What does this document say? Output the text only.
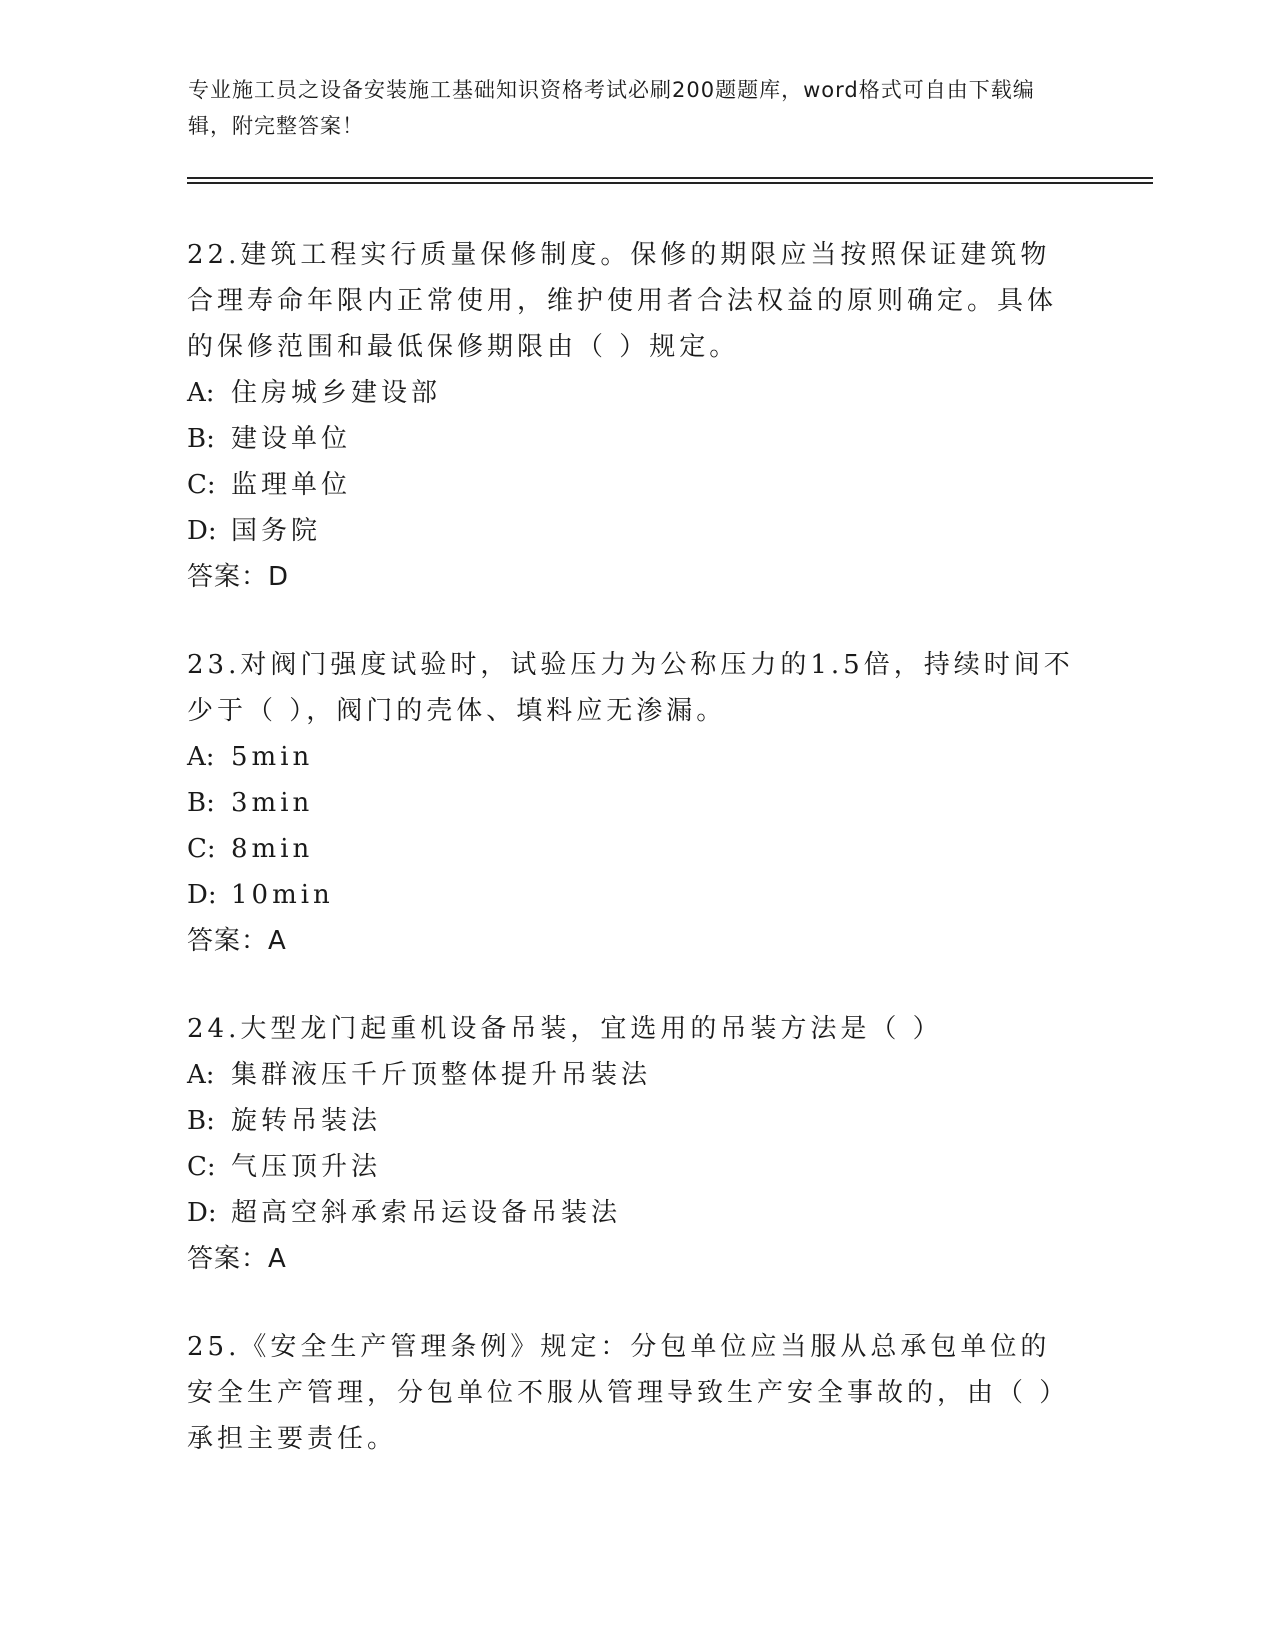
专业施工员之设备安装施工基础知识资格考试必刷200题题库，word格式可自由下载编辑，附完整答案！

22.建筑工程实行质量保修制度。保修的期限应当按照保证建筑物合理寿命年限内正常使用，维护使用者合法权益的原则确定。具体的保修范围和最低保修期限由（ ）规定。

A: 住房城乡建设部

B: 建设单位

C: 监理单位

D: 国务院

答案：D

23.对阀门强度试验时，试验压力为公称压力的1.5倍，持续时间不少于（ ），阀门的壳体、填料应无渗漏。

A: 5min

B: 3min

C: 8min

D: 10min

答案：A

24.大型龙门起重机设备吊装，宜选用的吊装方法是（ ）

A: 集群液压千斤顶整体提升吊装法

B: 旋转吊装法

C: 气压顶升法

D: 超高空斜承索吊运设备吊装法

答案：A

25.《安全生产管理条例》规定：分包单位应当服从总承包单位的安全生产管理，分包单位不服从管理导致生产安全事故的，由（ ）承担主要责任。
